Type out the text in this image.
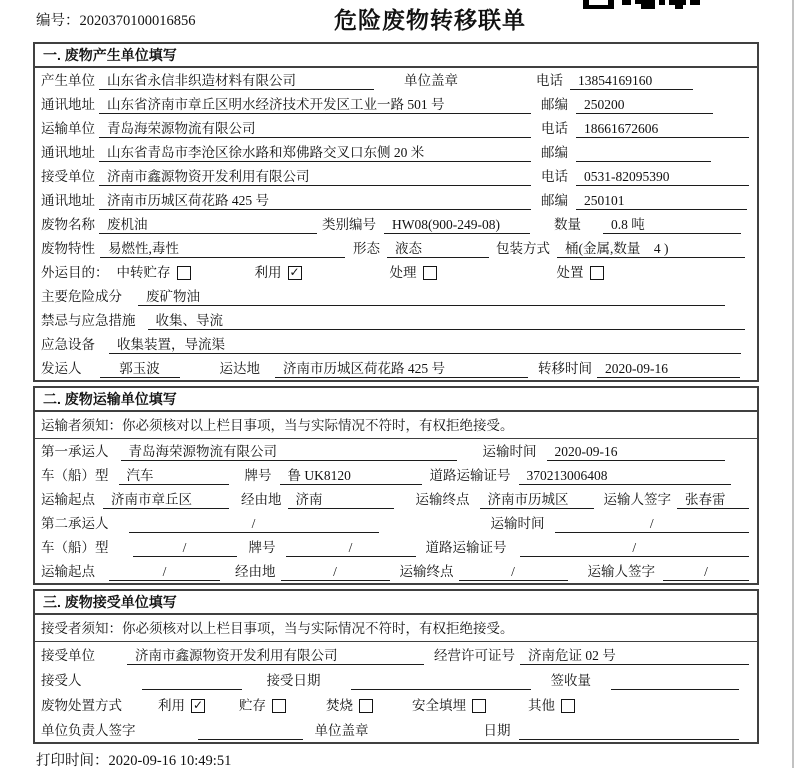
编号：2020370100016856	危险废物转移联单
一. 废物产生单位填写
产生单位 山东省永信非织造材料有限公司	单位盖章	电话	13854169160
通讯地址 山东省济南市章丘区明水经济技术开发区工业一路 501 号	邮编	250200
运输单位 青岛海荣源物流有限公司	电话	18661672606
通讯地址 山东省青岛市李沧区徐水路和郑佛路交叉口东侧 20 米	邮编
接受单位 济南市鑫源物资开发利用有限公司	电话	0531-82095390
通讯地址 济南市历城区荷花路 425 号	邮编	250101
废物名称 废机油	类别编号	HW08(900-249-08)	数量	0.8 吨
废物特性 易燃性,毒性	形态	液态	包装方式	桶(金属,数量　4 )
外运目的： 中转贮存	利用 ✓	处理	处置
主要危险成分	废矿物油
禁忌与应急措施	收集、导流
应急设备	收集装置，导流渠
发运人	郭玉波	运达地	济南市历城区荷花路 425 号	转移时间 2020-09-16
二. 废物运输单位填写
运输者须知：你必须核对以上栏目事项，当与实际情况不符时，有权拒绝接受。
第一承运人	青岛海荣源物流有限公司	运输时间	2020-09-16
车（船）型	汽车	牌号	鲁 UK8120	道路运输证号	370213006408
运输起点	济南市章丘区	经由地	济南	运输终点	济南市历城区	运输人签字	张春雷
第二承运人	/	运输时间	/
车（船）型	/	牌号	/	道路运输证号	/
运输起点	/	经由地	/	运输终点	/	运输人签字	/
三. 废物接受单位填写
接受者须知：你必须核对以上栏目事项，当与实际情况不符时，有权拒绝接受。
接受单位	济南市鑫源物资开发利用有限公司	经营许可证号 济南危证 02 号
接受人	接受日期	签收量
废物处置方式	利用 ✓	贮存	焚烧	安全填埋	其他
单位负责人签字	单位盖章	日期
打印时间：2020-09-16 10:49:51
